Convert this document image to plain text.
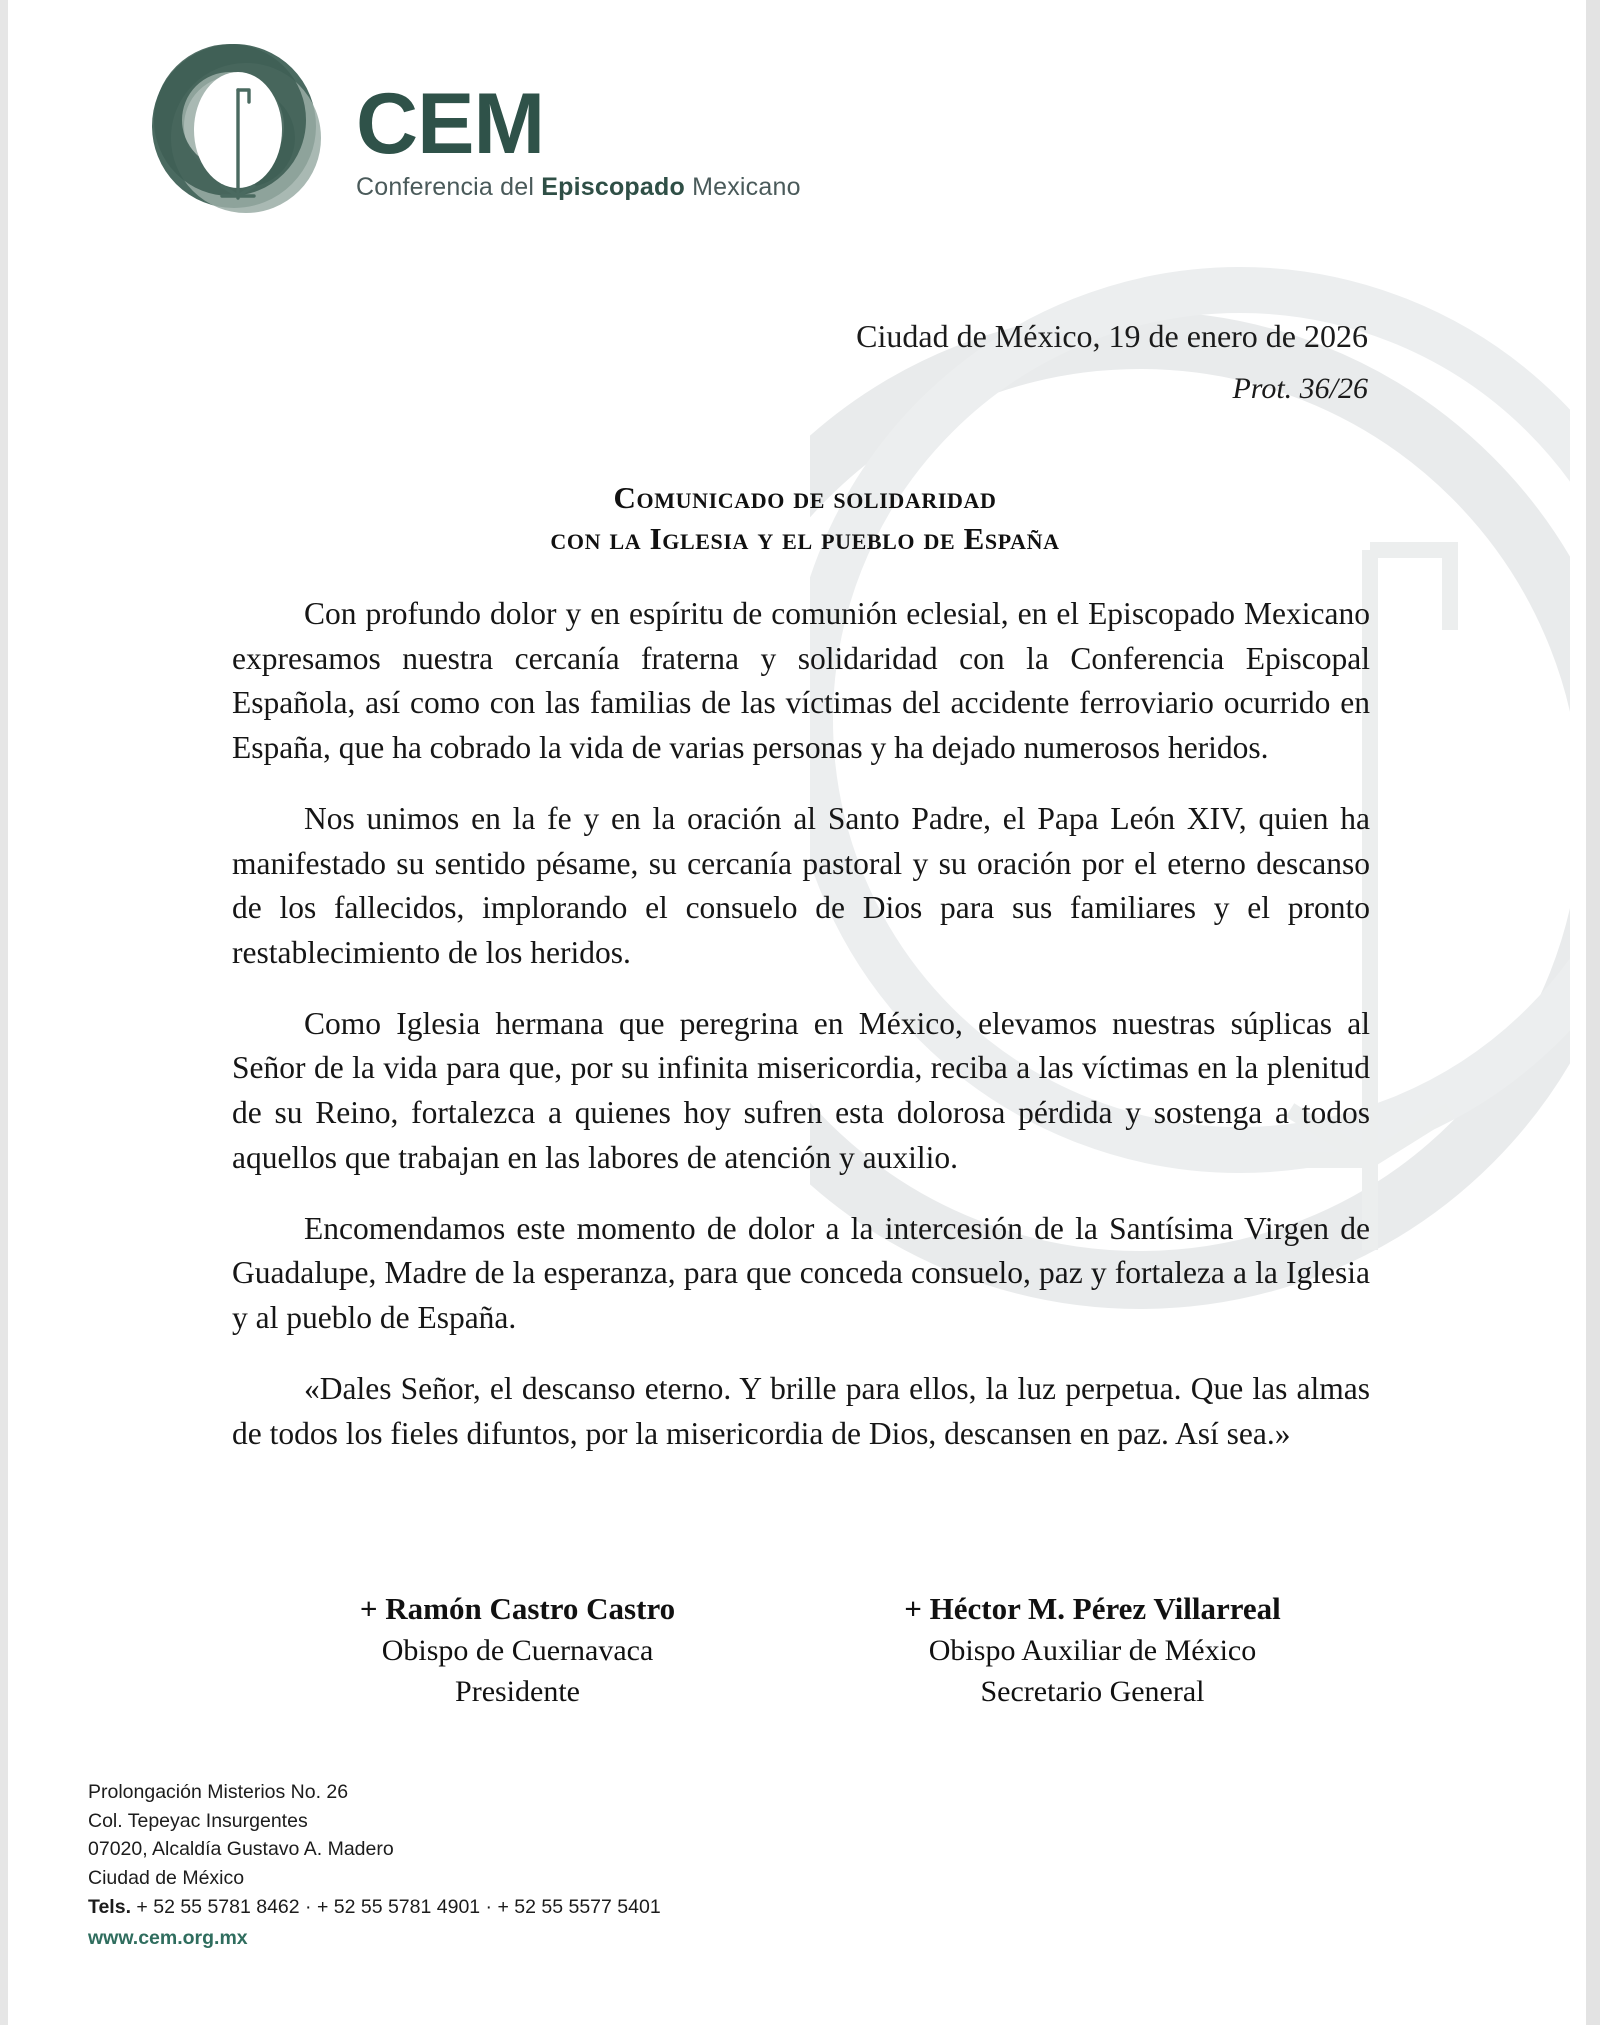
CEM
Conferencia del Episcopado Mexicano
Ciudad de México, 19 de enero de 2026
Prot. 36/26
Comunicado de solidaridad
con la Iglesia y el pueblo de España

Con profundo dolor y en espíritu de comunión eclesial, en el Episcopado Mexicano expresamos nuestra cercanía fraterna y solidaridad con la Conferencia Episcopal Española, así como con las familias de las víctimas del accidente ferroviario ocurrido en España, que ha cobrado la vida de varias personas y ha dejado numerosos heridos.

Nos unimos en la fe y en la oración al Santo Padre, el Papa León XIV, quien ha manifestado su sentido pésame, su cercanía pastoral y su oración por el eterno descanso de los fallecidos, implorando el consuelo de Dios para sus familiares y el pronto restablecimiento de los heridos.

Como Iglesia hermana que peregrina en México, elevamos nuestras súplicas al Señor de la vida para que, por su infinita misericordia, reciba a las víctimas en la plenitud de su Reino, fortalezca a quienes hoy sufren esta dolorosa pérdida y sostenga a todos aquellos que trabajan en las labores de atención y auxilio.

Encomendamos este momento de dolor a la intercesión de la Santísima Virgen de Guadalupe, Madre de la esperanza, para que conceda consuelo, paz y fortaleza a la Iglesia y al pueblo de España.

«Dales Señor, el descanso eterno. Y brille para ellos, la luz perpetua. Que las almas de todos los fieles difuntos, por la misericordia de Dios, descansen en paz. Así sea.»

+ Ramón Castro Castro
Obispo de Cuernavaca
Presidente
+ Héctor M. Pérez Villarreal
Obispo Auxiliar de México
Secretario General
Prolongación Misterios No. 26
Col. Tepeyac Insurgentes
07020, Alcaldía Gustavo A. Madero
Ciudad de México
Tels. + 52 55 5781 8462 · + 52 55 5781 4901 · + 52 55 5577 5401
www.cem.org.mx
